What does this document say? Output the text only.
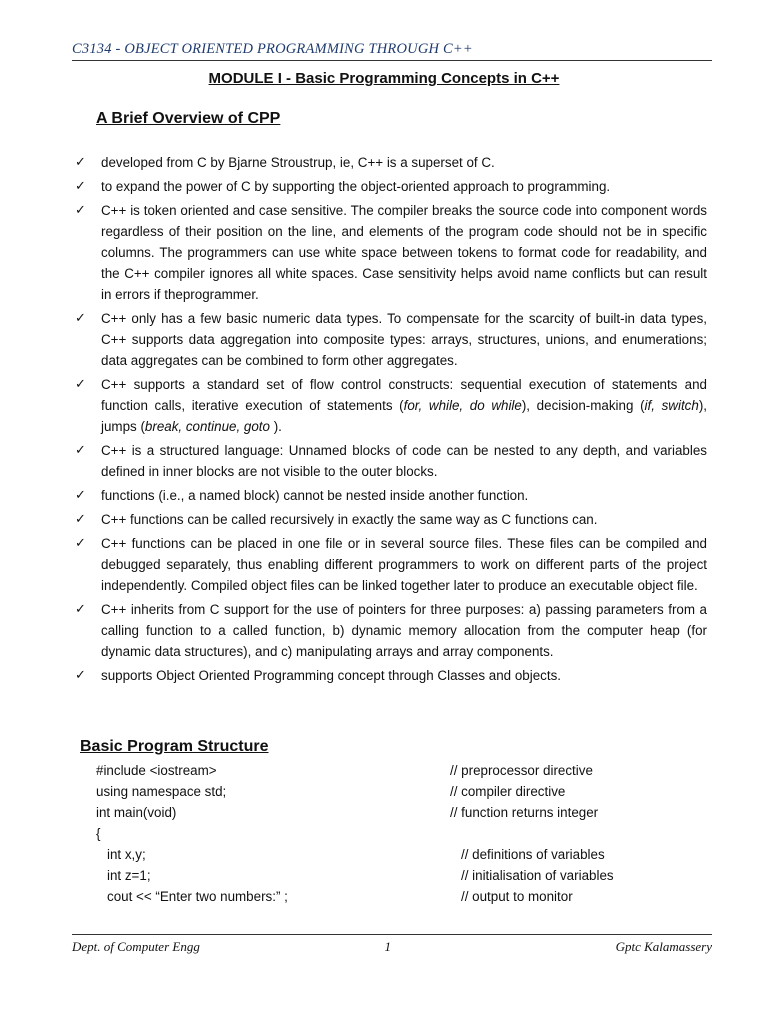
C3134 - OBJECT ORIENTED PROGRAMMING THROUGH C++
MODULE I - Basic Programming Concepts in C++
A Brief Overview of CPP
✓	developed from C by Bjarne Stroustrup, ie, C++ is a superset of C.
✓	to expand the power of C by supporting the object-oriented approach to programming.
✓	C++ is token oriented and case sensitive. The compiler breaks the source code into component words regardless of their position on the line, and elements of the program code should not be in specific columns. The programmers can use white space between tokens to format code for readability, and the C++ compiler ignores all white spaces. Case sensitivity helps avoid name conflicts but can result in errors if theprogrammer.
✓	C++ only has a few basic numeric data types. To compensate for the scarcity of built-in data types, C++ supports data aggregation into composite types: arrays, structures, unions, and enumerations; data aggregates can be combined to form other aggregates.
✓	C++ supports a standard set of flow control constructs: sequential execution of statements and function calls, iterative execution of statements (for, while, do while), decision-making (if, switch), jumps (break, continue, goto ).
✓	C++ is a structured language: Unnamed blocks of code can be nested to any depth, and variables defined in inner blocks are not visible to the outer blocks.
✓	functions (i.e., a named block) cannot be nested inside another function.
✓	C++ functions can be called recursively in exactly the same way as C functions can.
✓	C++ functions can be placed in one file or in several source files. These files can be compiled and debugged separately, thus enabling different programmers to work on different parts of the project independently. Compiled object files can be linked together later to produce an executable object file.
✓	C++ inherits from C support for the use of pointers for three purposes: a) passing parameters from a calling function to a called function, b) dynamic memory allocation from the computer heap (for dynamic data structures), and c) manipulating arrays and array components.
✓	supports Object Oriented Programming concept through Classes and objects.
Basic Program Structure
#include <iostream>	// preprocessor directive
using namespace std;	// compiler directive
int main(void)	// function returns integer
{
int x,y;	// definitions of variables
int z=1;	// initialisation of variables
cout << “Enter two numbers:” ;	// output to monitor
Dept. of Computer Engg	1	Gptc Kalamassery
